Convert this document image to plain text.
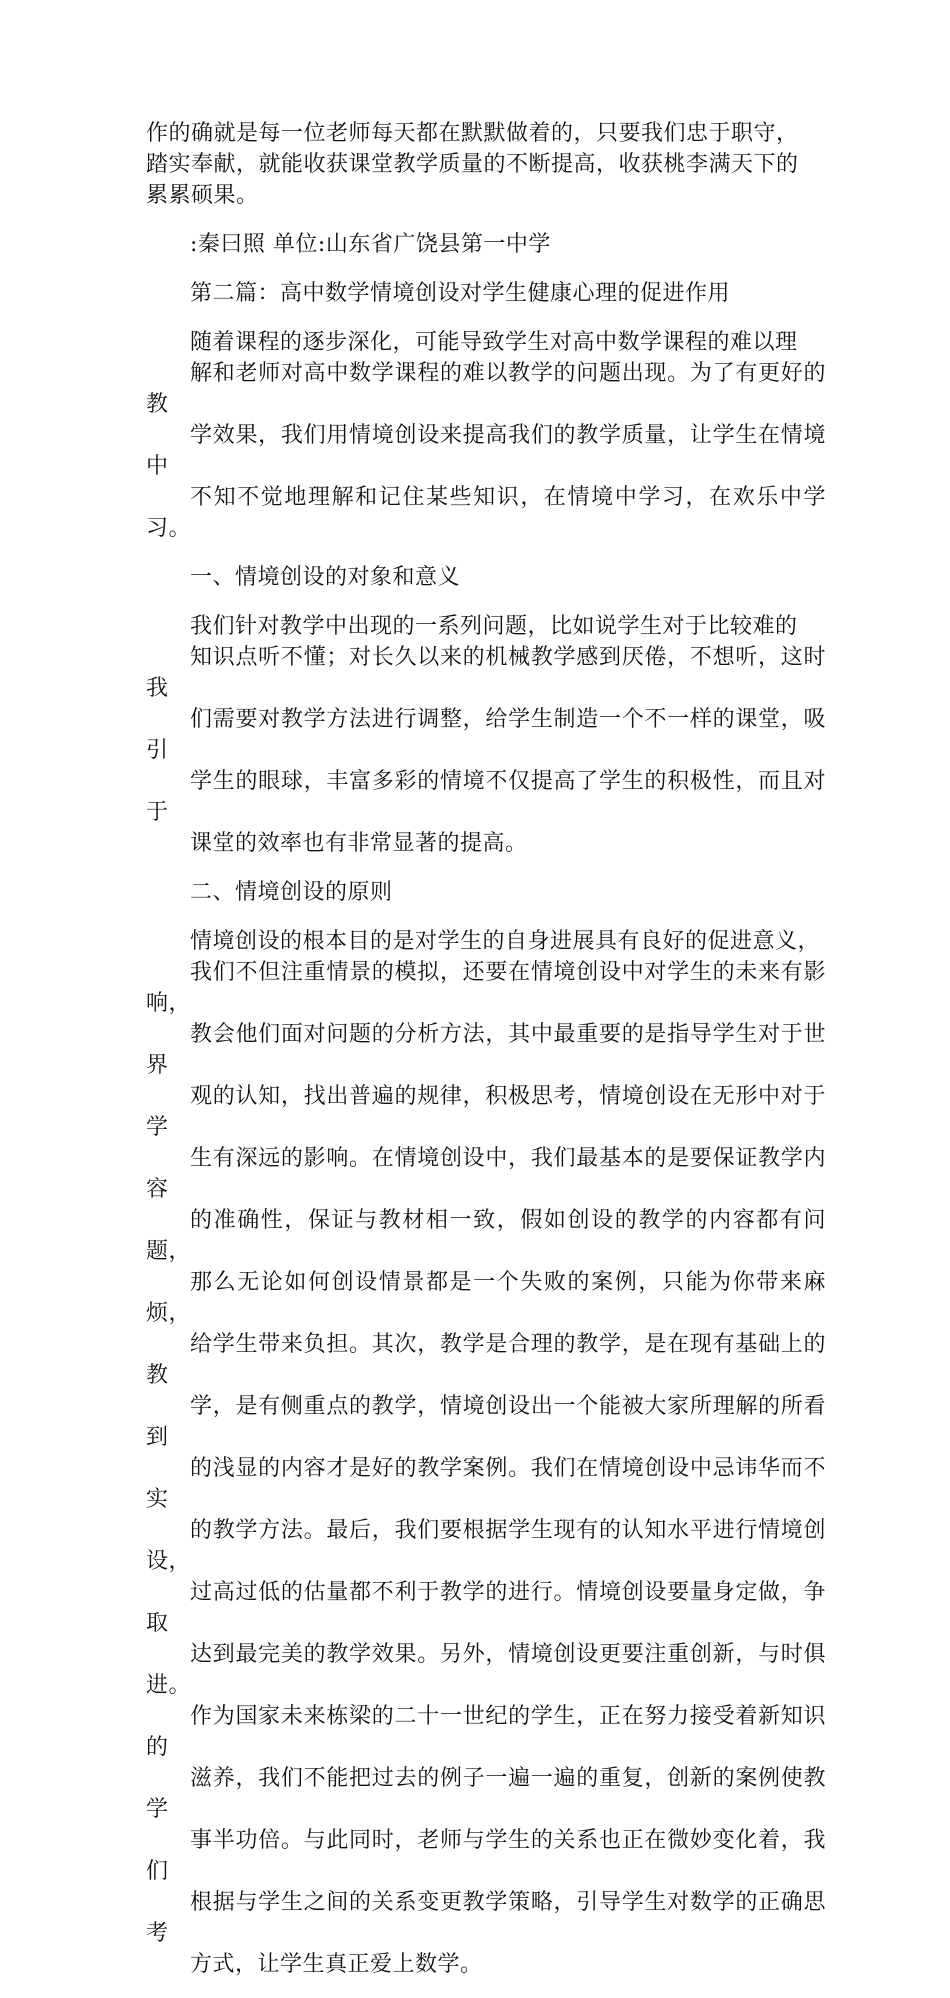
作的确就是每一位老师每天都在默默做着的，只要我们忠于职守，
踏实奉献，就能收获课堂教学质量的不断提高，收获桃李满天下的
累累硕果。

:秦曰照 单位:山东省广饶县第一中学

第二篇：高中数学情境创设对学生健康心理的促进作用

随着课程的逐步深化，可能导致学生对高中数学课程的难以理
解和老师对高中数学课程的难以教学的问题出现。为了有更好的教
学效果，我们用情境创设来提高我们的教学质量，让学生在情境中
不知不觉地理解和记住某些知识，在情境中学习，在欢乐中学习。

一、情境创设的对象和意义

我们针对教学中出现的一系列问题，比如说学生对于比较难的
知识点听不懂；对长久以来的机械教学感到厌倦，不想听，这时我
们需要对教学方法进行调整，给学生制造一个不一样的课堂，吸引
学生的眼球，丰富多彩的情境不仅提高了学生的积极性，而且对于
课堂的效率也有非常显著的提高。

二、情境创设的原则

情境创设的根本目的是对学生的自身进展具有良好的促进意义，
我们不但注重情景的模拟，还要在情境创设中对学生的未来有影响，
教会他们面对问题的分析方法，其中最重要的是指导学生对于世界
观的认知，找出普遍的规律，积极思考，情境创设在无形中对于学
生有深远的影响。在情境创设中，我们最基本的是要保证教学内容
的准确性，保证与教材相一致，假如创设的教学的内容都有问题，
那么无论如何创设情景都是一个失败的案例，只能为你带来麻烦，
给学生带来负担。其次，教学是合理的教学，是在现有基础上的教
学，是有侧重点的教学，情境创设出一个能被大家所理解的所看到
的浅显的内容才是好的教学案例。我们在情境创设中忌讳华而不实
的教学方法。最后，我们要根据学生现有的认知水平进行情境创设，
过高过低的估量都不利于教学的进行。情境创设要量身定做，争取
达到最完美的教学效果。另外，情境创设更要注重创新，与时俱进。
作为国家未来栋梁的二十一世纪的学生，正在努力接受着新知识的
滋养，我们不能把过去的例子一遍一遍的重复，创新的案例使教学
事半功倍。与此同时，老师与学生的关系也正在微妙变化着，我们
根据与学生之间的关系变更教学策略，引导学生对数学的正确思考
方式，让学生真正爱上数学。
